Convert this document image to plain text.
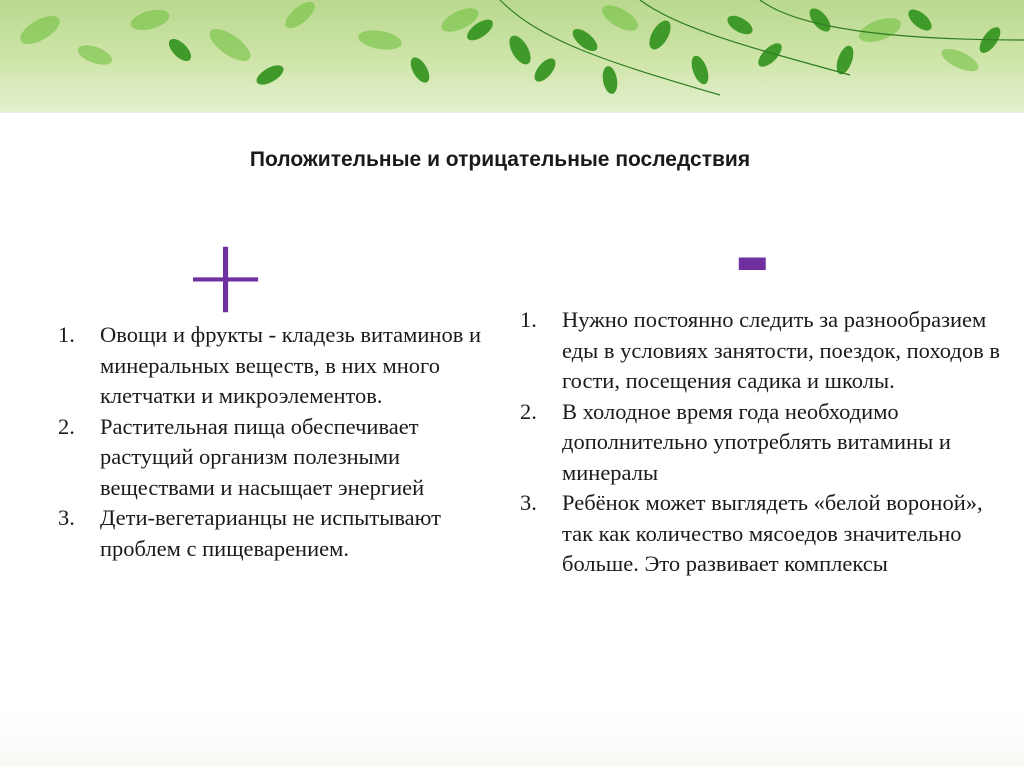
Положительные и отрицательные последствия
+	-
1. Овощи и фрукты - кладезь витаминов и минеральных веществ, в них много клетчатки и микроэлементов.
2. Растительная пища обеспечивает растущий организм полезными веществами и насыщает энергией
3. Дети-вегетарианцы не испытывают проблем с пищеварением.
1. Нужно постоянно следить за разнообразием еды в условиях занятости, поездок, походов в гости, посещения садика и школы.
2. В холодное время года необходимо дополнительно употреблять витамины и минералы
3. Ребёнок может выглядеть «белой вороной», так как количество мясоедов значительно больше. Это развивает комплексы
